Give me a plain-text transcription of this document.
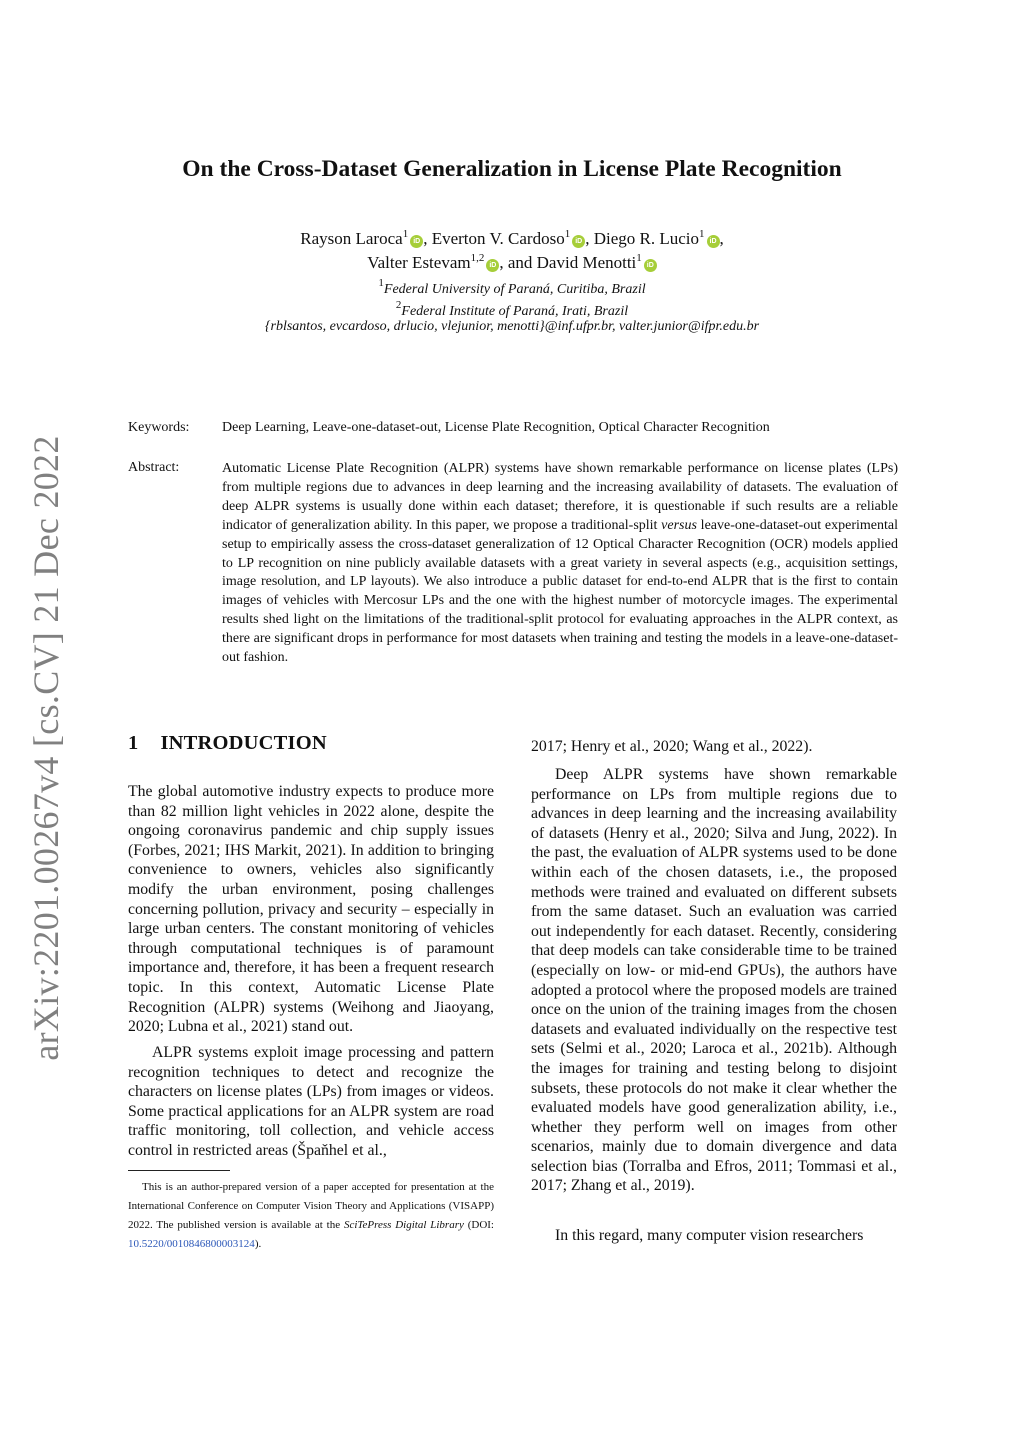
arXiv:2201.00267v4 [cs.CV] 21 Dec 2022
On the Cross-Dataset Generalization in License Plate Recognition
Rayson Laroca$^1$iD , Everton V. Cardoso$^1$iD , Diego R. Lucio$^1$iD ,
Valter Estevam$^{1,2}$iD , and David Menotti$^1$iD
$^1$Federal University of Paraná, Curitiba, Brazil
$^2$Federal Institute of Paraná, Irati, Brazil
{rblsantos, evcardoso, drlucio, vlejunior, menotti}@inf.ufpr.br, valter.junior@ifpr.edu.br
Keywords: Deep Learning, Leave-one-dataset-out, License Plate Recognition, Optical Character Recognition
Abstract:	Automatic License Plate Recognition (ALPR) systems have shown remarkable performance on license plates (LPs) from multiple regions due to advances in deep learning and the increasing availability of datasets. The evaluation of deep ALPR systems is usually done within each dataset; therefore, it is questionable if such results are a reliable indicator of generalization ability. In this paper, we propose a traditional-split versus leave-one-dataset-out experimental setup to empirically assess the cross-dataset generalization of 12 Optical Character Recognition (OCR) models applied to LP recognition on nine publicly available datasets with a great variety in several aspects (e.g., acquisition settings, image resolution, and LP layouts). We also introduce a public dataset for end-to-end ALPR that is the first to contain images of vehicles with Mercosur LPs and the one with the highest number of motorcycle images. The experimental results shed light on the limitations of the traditional-split protocol for evaluating approaches in the ALPR context, as there are significant drops in performance for most datasets when training and testing the models in a leave-one-dataset-out fashion.
1 INTRODUCTION

The global automotive industry expects to produce more than 82 million light vehicles in 2022 alone, despite the ongoing coronavirus pandemic and chip supply issues (Forbes, 2021; IHS Markit, 2021). In addition to bringing convenience to owners, vehicles also significantly modify the urban environment, posing challenges concerning pollution, privacy and security – especially in large urban centers. The constant monitoring of vehicles through computational techniques is of paramount importance and, therefore, it has been a frequent research topic. In this context, Automatic License Plate Recognition (ALPR) systems (Weihong and Jiaoyang, 2020; Lubna et al., 2021) stand out.

ALPR systems exploit image processing and pattern recognition techniques to detect and recognize the characters on license plates (LPs) from images or videos. Some practical applications for an ALPR system are road traffic monitoring, toll collection, and vehicle access control in restricted areas (Špaňhel et al.,

2017; Henry et al., 2020; Wang et al., 2022).

Deep ALPR systems have shown remarkable performance on LPs from multiple regions due to advances in deep learning and the increasing availability of datasets (Henry et al., 2020; Silva and Jung, 2022). In the past, the evaluation of ALPR systems used to be done within each of the chosen datasets, i.e., the proposed methods were trained and evaluated on different subsets from the same dataset. Such an evaluation was carried out independently for each dataset. Recently, considering that deep models can take considerable time to be trained (especially on low- or mid-end GPUs), the authors have adopted a protocol where the proposed models are trained once on the union of the training images from the chosen datasets and evaluated individually on the respective test sets (Selmi et al., 2020; Laroca et al., 2021b). Although the images for training and testing belong to disjoint subsets, these protocols do not make it clear whether the evaluated models have good generalization ability, i.e., whether they perform well on images from other scenarios, mainly due to domain divergence and data selection bias (Torralba and Efros, 2011; Tommasi et al., 2017; Zhang et al., 2019).

In this regard, many computer vision researchers

This is an author-prepared version of a paper accepted for presentation at the International Conference on Computer Vision Theory and Applications (VISAPP) 2022. The published version is available at the SciTePress Digital Library (DOI: 10.5220/0010846800003124).
